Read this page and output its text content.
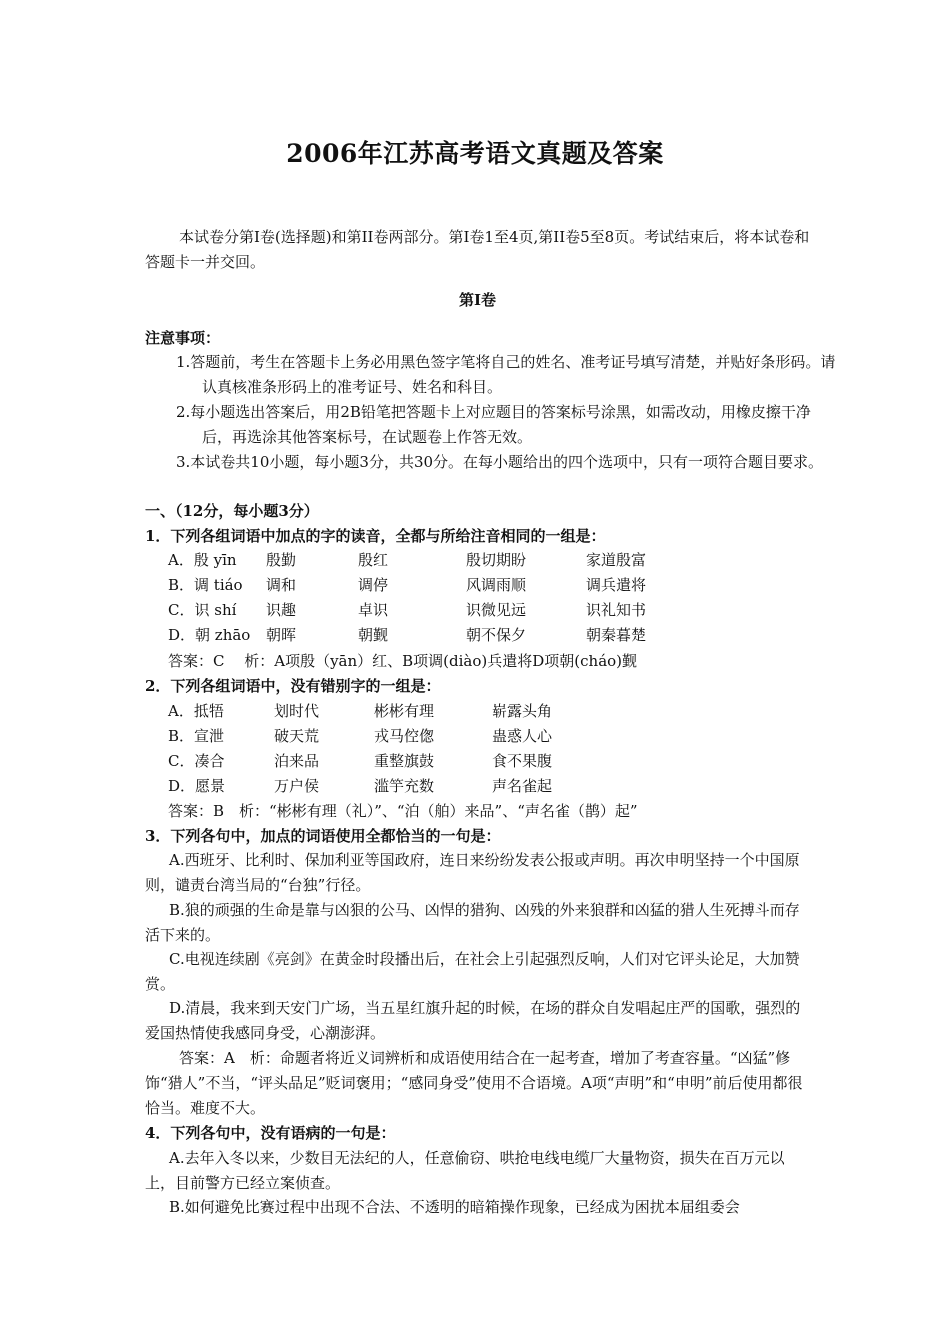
2006年江苏高考语文真题及答案
本试卷分第I卷(选择题)和第II卷两部分。第I卷1至4页,第II卷5至8页。考试结束后，将本试卷和答题卡一并交回。
第I卷
注意事项：
1.答题前，考生在答题卡上务必用黑色签字笔将自己的姓名、准考证号填写清楚，并贴好条形码。请认真核准条形码上的准考证号、姓名和科目。
2.每小题选出答案后，用2B铅笔把答题卡上对应题目的答案标号涂黑，如需改动，用橡皮擦干净后，再选涂其他答案标号，在试题卷上作答无效。
3.本试卷共10小题，每小题3分，共30分。在每小题给出的四个选项中，只有一项符合题目要求。
一、（12分，每小题3分）
1．下列各组词语中加点的字的读音，全都与所给注音相同的一组是：
A．殷 yīn 殷勤	殷红	殷切期盼	家道殷富
B．调 tiáo 调和	调停	风调雨顺	调兵遣将
C．识 shí 识趣	卓识	识微见远	识礼知书
D．朝 zhāo 朝晖	朝觐	朝不保夕	朝秦暮楚
答案：C　 析：A项殷（yān）红、B项调(diào)兵遣将D项朝(cháo)觐
2．下列各组词语中，没有错别字的一组是：
A．抵牾	划时代	彬彬有理	崭露头角
B．宣泄	破天荒	戎马倥偬	蛊惑人心
C．凑合	泊来品	重整旗鼓	食不果腹
D．愿景	万户侯	滥竽充数	声名雀起
答案：B　析：“彬彬有理（礼）”、“泊（舶）来品”、“声名雀（鹊）起”
3．下列各句中，加点的词语使用全都恰当的一句是：
A.西班牙、比利时、保加利亚等国政府，连日来纷纷发表公报或声明。再次申明坚持一个中国原则，谴责台湾当局的“台独”行径。
B.狼的顽强的生命是靠与凶狠的公马、凶悍的猎狗、凶残的外来狼群和凶猛的猎人生死搏斗而存活下来的。
C.电视连续剧《亮剑》在黄金时段播出后，在社会上引起强烈反响，人们对它评头论足，大加赞赏。
D.清晨，我来到天安门广场，当五星红旗升起的时候，在场的群众自发唱起庄严的国歌，强烈的爱国热情使我感同身受，心潮澎湃。
答案：A　析：命题者将近义词辨析和成语使用结合在一起考查，增加了考查容量。“凶猛”修饰“猎人”不当，“评头品足”贬词褒用；“感同身受”使用不合语境。A项“声明”和“申明”前后使用都很恰当。难度不大。
4．下列各句中，没有语病的一句是：
A.去年入冬以来，少数目无法纪的人，任意偷窃、哄抢电线电缆厂大量物资，损失在百万元以上，目前警方已经立案侦查。
B.如何避免比赛过程中出现不合法、不透明的暗箱操作现象，已经成为困扰本届组委会
